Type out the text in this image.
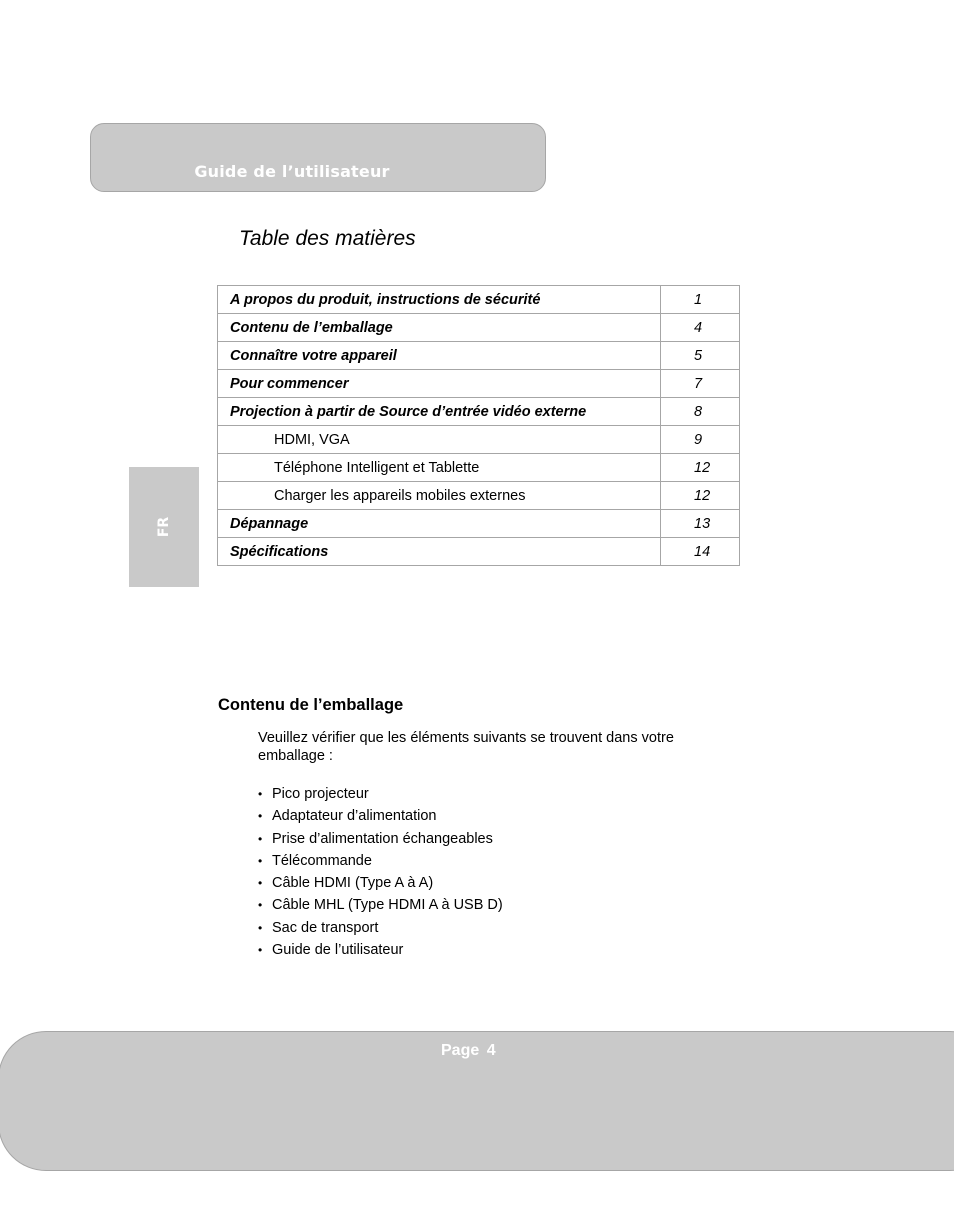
Guide de l’utilisateur
Table des matières
A propos du produit, instructions de sécurité	1
Contenu de l’emballage	4
Connaître votre appareil	5
Pour commencer	7
Projection à partir de Source d’entrée vidéo externe	8
HDMI, VGA	9
Téléphone Intelligent et Tablette	12
Charger les appareils mobiles externes	12
Dépannage	13
Spécifications	14
FR
Contenu de l’emballage

Veuillez vérifier que les éléments suivants se trouvent dans votre emballage :

• Pico projecteur
• Adaptateur d’alimentation
• Prise d’alimentation échangeables
• Télécommande
• Câble HDMI (Type A à A)
• Câble MHL (Type HDMI A à USB D)
• Sac de transport
• Guide de l’utilisateur
Page 4
